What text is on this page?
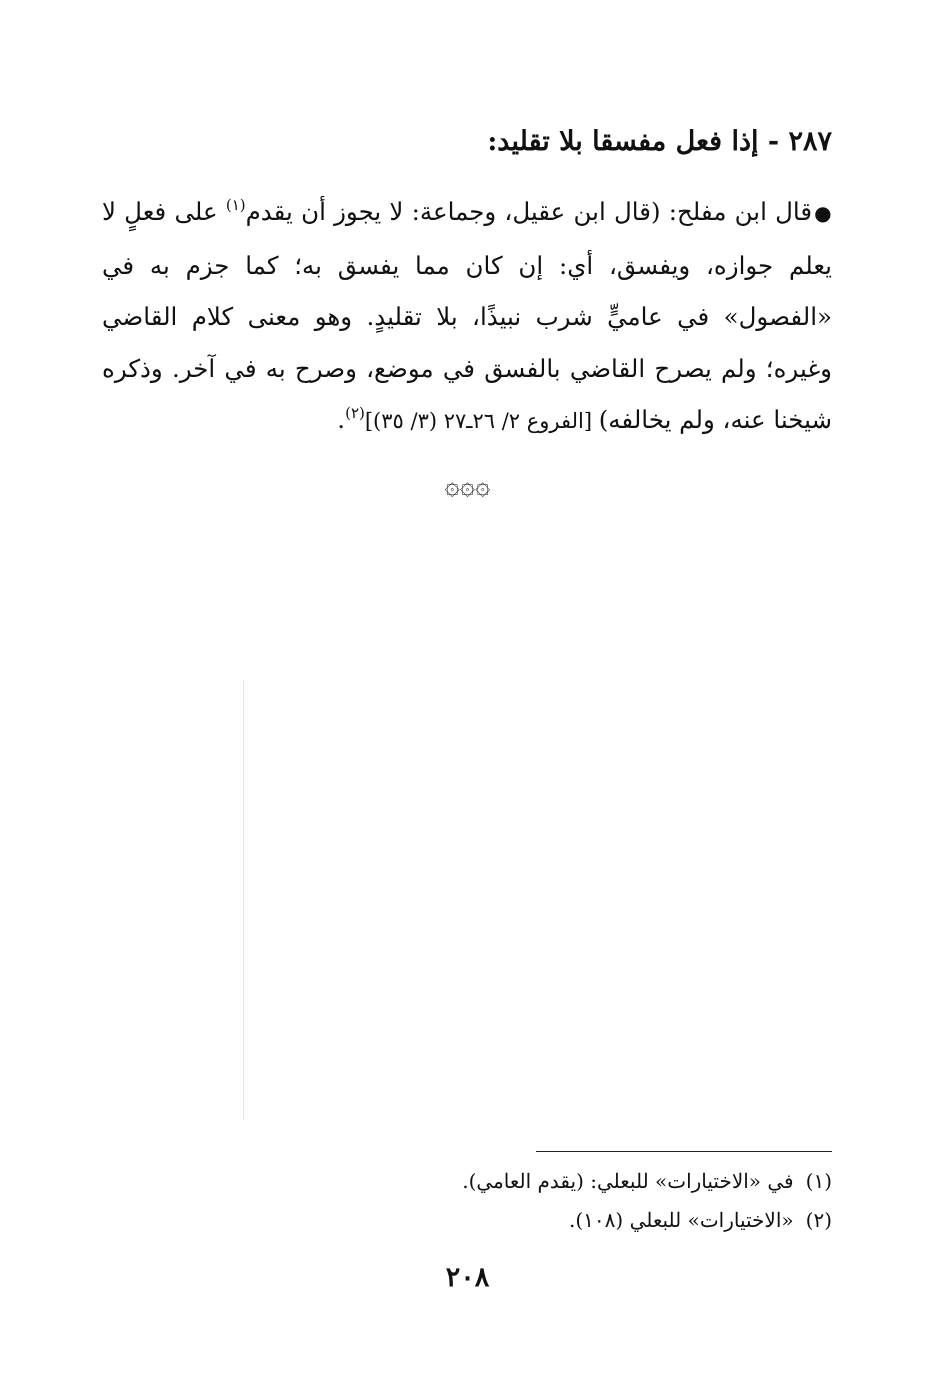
٢٨٧ - إذا فعل مفسقا بلا تقليد:

●قال ابن مفلح: (قال ابن عقيل، وجماعة: لا يجوز أن يقدم$^{(١)}$ على فعلٍ لا يعلم جوازه، ويفسق، أي: إن كان مما يفسق به؛ كما جزم به في «الفصول» في عاميٍّ شرب نبيذًا، بلا تقليدٍ. وهو معنى كلام القاضي وغيره؛ ولم يصرح القاضي بالفسق في موضع، وصرح به في آخر. وذكره شيخنا عنه، ولم يخالفه) [الفروع ٢/ ٢٦ـ٢٧ (٣/ ٣٥)]$^{(٢)}$.

۞۞۞
(١)في «الاختيارات» للبعلي: (يقدم العامي).
(٢)«الاختيارات» للبعلي (١٠٨).
٢٠٨
